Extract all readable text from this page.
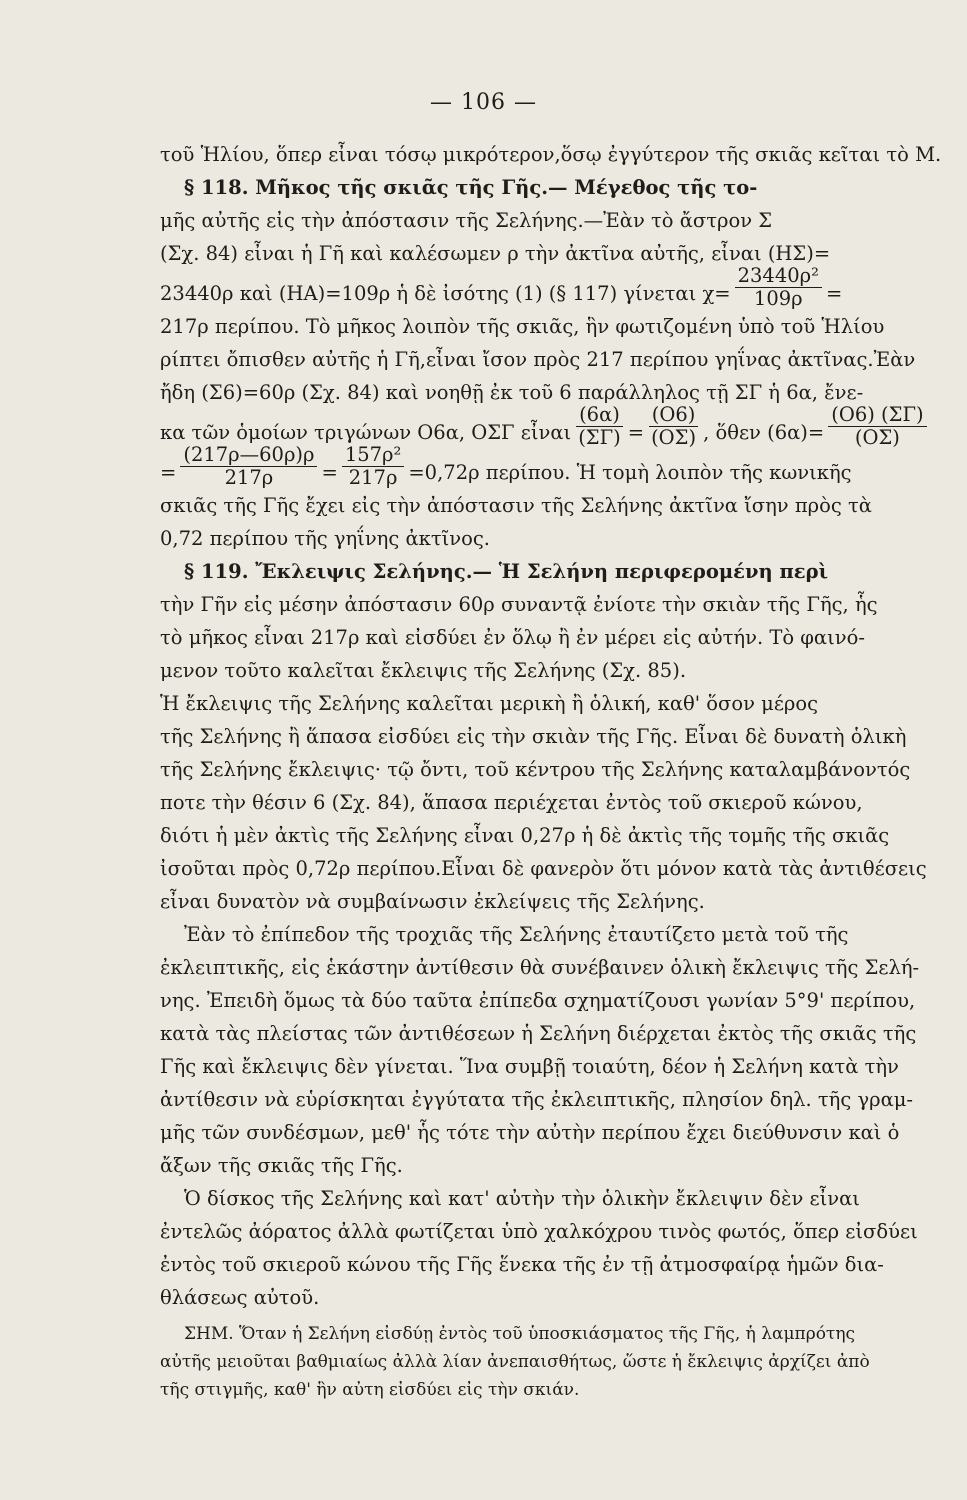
— 106 —
τοῦ Ἡλίου, ὅπερ εἶναι τόσῳ μικρότερον,ὅσῳ ἐγγύτερον τῆς σκιᾶς κεῖται τὸ Μ.
§ 118. Μῆκος τῆς σκιᾶς τῆς Γῆς.— Μέγεθος τῆς το-
μῆς αὐτῆς εἰς τὴν ἀπόστασιν τῆς Σελήνης.—Ἐὰν τὸ ἄστρον Σ
(Σχ. 84) εἶναι ἡ Γῆ καὶ καλέσωμεν ρ τὴν ἀκτῖνα αὐτῆς, εἶναι (ΗΣ)=
23440ρ καὶ (ΗΑ)=109ρ ἡ δὲ ἰσότης (1) (§ 117) γίνεται $\chi= \frac{\text{23440ρ²}}{109\rho}$ =
217ρ περίπου. Τὸ μῆκος λοιπὸν τῆς σκιᾶς, ἣν φωτιζομένη ὑπὸ τοῦ Ἡλίου
ρίπτει ὄπισθεν αὐτῆς ἡ Γῆ,εἶναι ἴσον πρὸς 217 περίπου γηΐνας ἀκτῖνας.Ἐὰν
ἤδη (Σ6)=60ρ (Σχ. 84) καὶ νοηθῇ ἐκ τοῦ 6 παράλληλος τῇ ΣΓ ἡ 6α, ἔνε-
κα τῶν ὁμοίων τριγώνων Ο6α, ΟΣΓ εἶναι $\frac{(6\alpha)}{(\Sigma\Gamma)} = \frac{(O6)}{(O\Sigma)}$ , ὅθεν $(6\alpha)= \frac{(O6) (\Sigma\Gamma)}{(O\Sigma)}$
= $\frac{(217\rho—60\rho)\rho}{217\rho} = \frac{\text{157ρ²}}{217\rho} =0,72\rho$ περίπου. Ἡ τομὴ λοιπὸν τῆς κωνικῆς
σκιᾶς τῆς Γῆς ἔχει εἰς τὴν ἀπόστασιν τῆς Σελήνης ἀκτῖνα ἴσην πρὸς τὰ
0,72 περίπου τῆς γηΐνης ἀκτῖνος.
§ 119. Ἔκλειψις Σελήνης.— Ἡ Σελήνη περιφερομένη περὶ
τὴν Γῆν εἰς μέσην ἀπόστασιν 60ρ συναντᾷ ἐνίοτε τὴν σκιὰν τῆς Γῆς, ἧς
τὸ μῆκος εἶναι 217ρ καὶ εἰσδύει ἐν ὅλῳ ἢ ἐν μέρει εἰς αὐτήν. Τὸ φαινό-
μενον τοῦτο καλεῖται ἔκλειψις τῆς Σελήνης (Σχ. 85).
Ἡ ἔκλειψις τῆς Σελήνης καλεῖται μερικὴ ἢ ὁλική, καθ' ὅσον μέρος
τῆς Σελήνης ἢ ἅπασα εἰσδύει εἰς τὴν σκιὰν τῆς Γῆς. Εἶναι δὲ δυνατὴ ὁλικὴ
τῆς Σελήνης ἔκλειψις· τῷ ὄντι, τοῦ κέντρου τῆς Σελήνης καταλαμβάνοντός
ποτε τὴν θέσιν 6 (Σχ. 84), ἅπασα περιέχεται ἐντὸς τοῦ σκιεροῦ κώνου,
διότι ἡ μὲν ἀκτὶς τῆς Σελήνης εἶναι 0,27ρ ἡ δὲ ἀκτὶς τῆς τομῆς τῆς σκιᾶς
ἰσοῦται πρὸς 0,72ρ περίπου.Εἶναι δὲ φανερὸν ὅτι μόνον κατὰ τὰς ἀντιθέσεις
εἶναι δυνατὸν νὰ συμβαίνωσιν ἐκλείψεις τῆς Σελήνης.
Ἐὰν τὸ ἐπίπεδον τῆς τροχιᾶς τῆς Σελήνης ἐταυτίζετο μετὰ τοῦ τῆς
ἐκλειπτικῆς, εἰς ἑκάστην ἀντίθεσιν θὰ συνέβαινεν ὁλικὴ ἔκλειψις τῆς Σελή-
νης. Ἐπειδὴ ὅμως τὰ δύο ταῦτα ἐπίπεδα σχηματίζουσι γωνίαν 5°9' περίπου,
κατὰ τὰς πλείστας τῶν ἀντιθέσεων ἡ Σελήνη διέρχεται ἐκτὸς τῆς σκιᾶς τῆς
Γῆς καὶ ἔκλειψις δὲν γίνεται. Ἵνα συμβῇ τοιαύτη, δέον ἡ Σελήνη κατὰ τὴν
ἀντίθεσιν νὰ εὑρίσκηται ἐγγύτατα τῆς ἐκλειπτικῆς, πλησίον δηλ. τῆς γραμ-
μῆς τῶν συνδέσμων, μεθ' ἧς τότε τὴν αὐτὴν περίπου ἔχει διεύθυνσιν καὶ ὁ
ἄξων τῆς σκιᾶς τῆς Γῆς.
Ὁ δίσκος τῆς Σελήνης καὶ κατ' αὐτὴν τὴν ὁλικὴν ἔκλειψιν δὲν εἶναι
ἐντελῶς ἀόρατος ἀλλὰ φωτίζεται ὑπὸ χαλκόχρου τινὸς φωτός, ὅπερ εἰσδύει
ἐντὸς τοῦ σκιεροῦ κώνου τῆς Γῆς ἕνεκα τῆς ἐν τῇ ἀτμοσφαίρᾳ ἡμῶν δια-
θλάσεως αὐτοῦ.
ΣΗΜ. Ὅταν ἡ Σελήνη εἰσδύῃ ἐντὸς τοῦ ὑποσκιάσματος τῆς Γῆς, ἡ λαμπρότης
αὐτῆς μειοῦται βαθμιαίως ἀλλὰ λίαν ἀνεπαισθήτως, ὥστε ἡ ἔκλειψις ἀρχίζει ἀπὸ
τῆς στιγμῆς, καθ' ἣν αὐτη εἰσδύει εἰς τὴν σκιάν.
